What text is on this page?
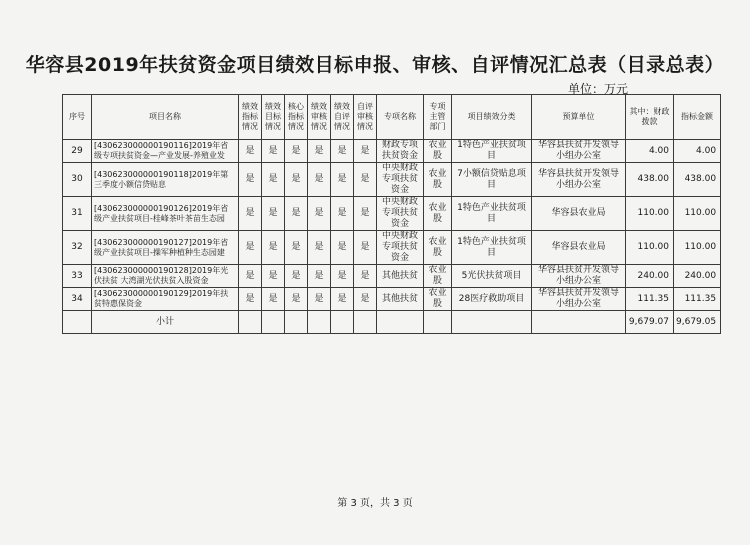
华容县2019年扶贫资金项目绩效目标申报、审核、自评情况汇总表（目录总表）
单位：万元
序号	项目名称	绩效指标情况	绩效目标情况	核心指标情况	绩效审核情况	绩效自评情况	自评审核情况	专项名称	专项主管部门	项目绩效分类	预算单位	其中：财政拨款	指标金额
29	[430623000000190116]2019年省级专项扶贫资金—产业发展-养殖业发	是	是	是	是	是	是	财政专项扶贫资金	农业股	1特色产业扶贫项目	华容县扶贫开发领导小组办公室	4.00	4.00
30	[430623000000190118]2019年第三季度小额信贷贴息	是	是	是	是	是	是	中央财政专项扶贫资金	农业股	7小额信贷贴息项目	华容县扶贫开发领导小组办公室	438.00	438.00
31	[430623000000190126]2019年省级产业扶贫项目-桂峰茶叶茶苗生态园	是	是	是	是	是	是	中央财政专项扶贫资金	农业股	1特色产业扶贫项目	华容县农业局	110.00	110.00
32	[430623000000190127]2019年省级产业扶贫项目-操军种植种生态园建	是	是	是	是	是	是	中央财政专项扶贫资金	农业股	1特色产业扶贫项目	华容县农业局	110.00	110.00
33	[430623000000190128]2019年光伏扶贫 大湾湖光伏扶贫入股资金	是	是	是	是	是	是	其他扶贫	农业股	5光伏扶贫项目	华容县扶贫开发领导小组办公室	240.00	240.00
34	[430623000000190129]2019年扶贫特惠保资金	是	是	是	是	是	是	其他扶贫	农业股	28医疗救助项目	华容县扶贫开发领导小组办公室	111.35	111.35
	小计											9,679.07	9,679.05
第 3 页，共 3 页
